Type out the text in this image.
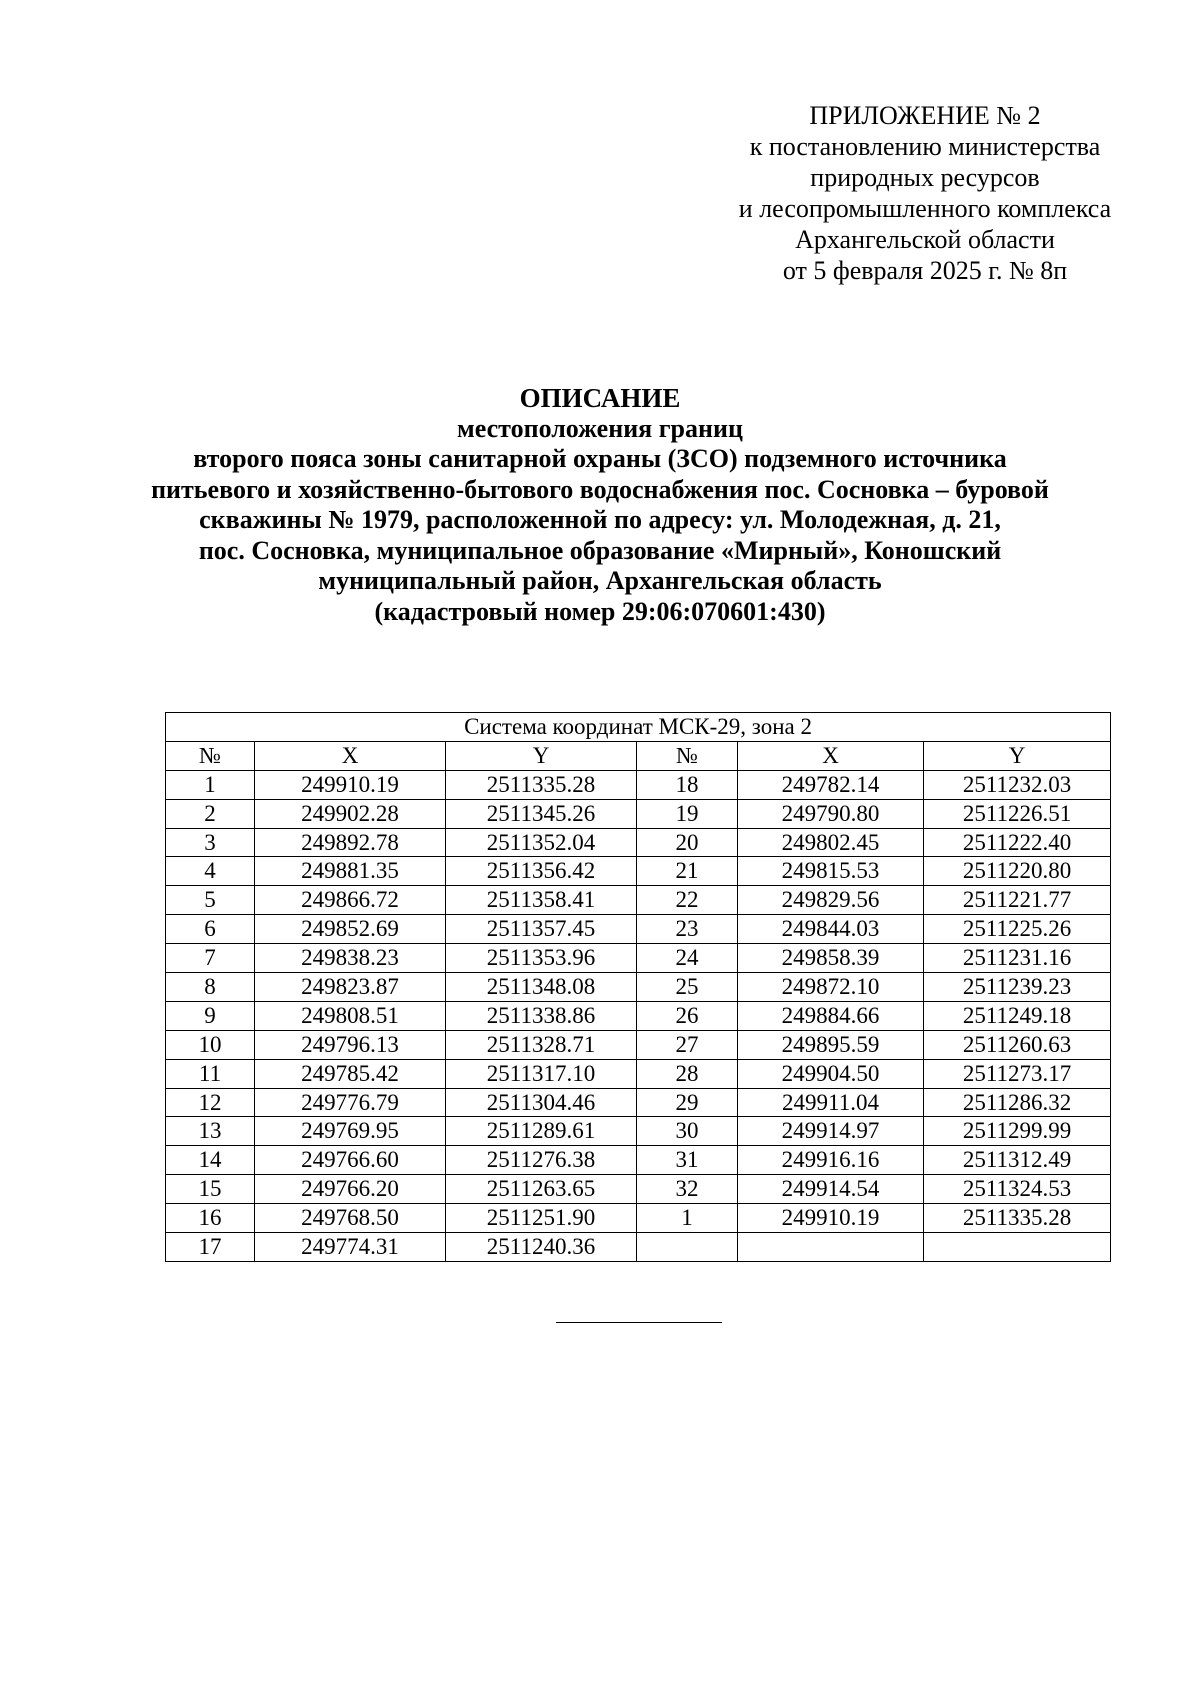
ПРИЛОЖЕНИЕ № 2
к постановлению министерства
природных ресурсов
и лесопромышленного комплекса
Архангельской области
от 5 февраля 2025 г. № 8п
ОПИСАНИЕ
местоположения границ
второго пояса зоны санитарной охраны (ЗСО) подземного источника
питьевого и хозяйственно-бытового водоснабжения пос. Сосновка – буровой
скважины № 1979, расположенной по адресу: ул. Молодежная, д. 21,
пос. Сосновка, муниципальное образование «Мирный», Коношский
муниципальный район, Архангельская область
(кадастровый номер 29:06:070601:430)
Система координат МСК-29, зона 2					
№	X	Y	№	X	Y
1	249910.19	2511335.28	18	249782.14	2511232.03
2	249902.28	2511345.26	19	249790.80	2511226.51
3	249892.78	2511352.04	20	249802.45	2511222.40
4	249881.35	2511356.42	21	249815.53	2511220.80
5	249866.72	2511358.41	22	249829.56	2511221.77
6	249852.69	2511357.45	23	249844.03	2511225.26
7	249838.23	2511353.96	24	249858.39	2511231.16
8	249823.87	2511348.08	25	249872.10	2511239.23
9	249808.51	2511338.86	26	249884.66	2511249.18
10	249796.13	2511328.71	27	249895.59	2511260.63
11	249785.42	2511317.10	28	249904.50	2511273.17
12	249776.79	2511304.46	29	249911.04	2511286.32
13	249769.95	2511289.61	30	249914.97	2511299.99
14	249766.60	2511276.38	31	249916.16	2511312.49
15	249766.20	2511263.65	32	249914.54	2511324.53
16	249768.50	2511251.90	1	249910.19	2511335.28
17	249774.31	2511240.36			
